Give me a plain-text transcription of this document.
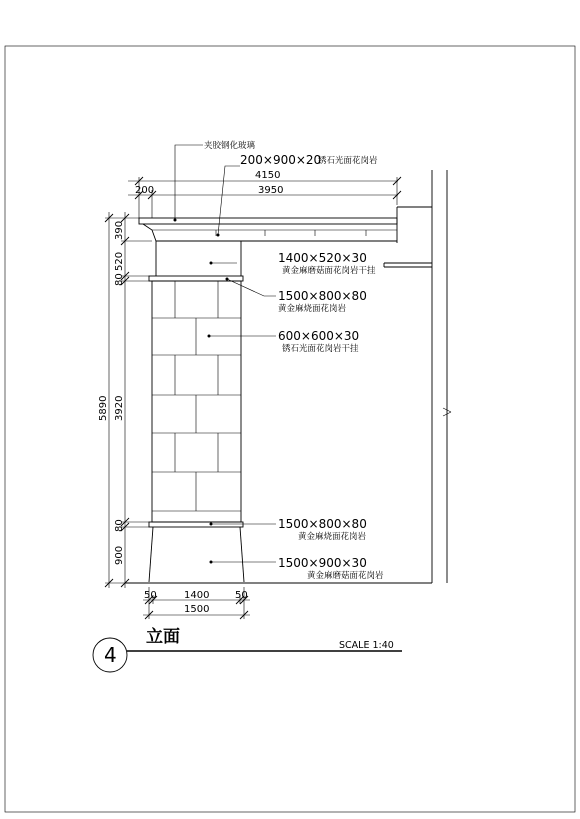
4150
200	3950
5890
390
520
80
3920
80
900
50	1400	50
1500
夹胶钢化玻璃
200×900×20
锈石光面花岗岩
1400×520×30
黄金麻磨菇面花岗岩干挂
1500×800×80
黄金麻烧面花岗岩
600×600×30
锈石光面花岗岩干挂
1500×800×80
黄金麻烧面花岗岩
1500×900×30
黄金麻磨菇面花岗岩
4
立面	SCALE 1:40
